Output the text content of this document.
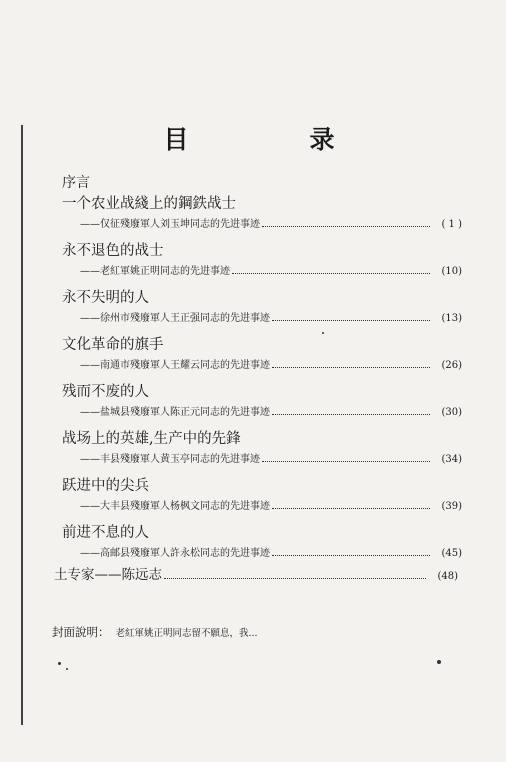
目　录
序言
一个农业战綫上的鋼鉄战士
——仅征殘廢軍人刘玉坤同志的先进事迹	( 1 )
永不退色的战士
——老紅軍姚正明同志的先进事迹	(10)
永不失明的人
——徐州市殘廢軍人王正强同志的先进事迹	(13)
文化革命的旗手
——南通市殘廢軍人王耀云同志的先进事迹	(26)
残而不废的人
——盐城县殘廢軍人陈正元同志的先进事迹	(30)
战场上的英雄,生产中的先鋒
——丰县殘廢軍人黄玉亭同志的先进事迹	(34)
跃进中的尖兵
——大丰县殘廢軍人杨枫文同志的先进事迹	(39)
前进不息的人
——高邮县殘廢軍人許永松同志的先进事迹	(45)
土专家——陈远志	(48)
封面說明： 老紅軍姚正明同志留不願息，我...
